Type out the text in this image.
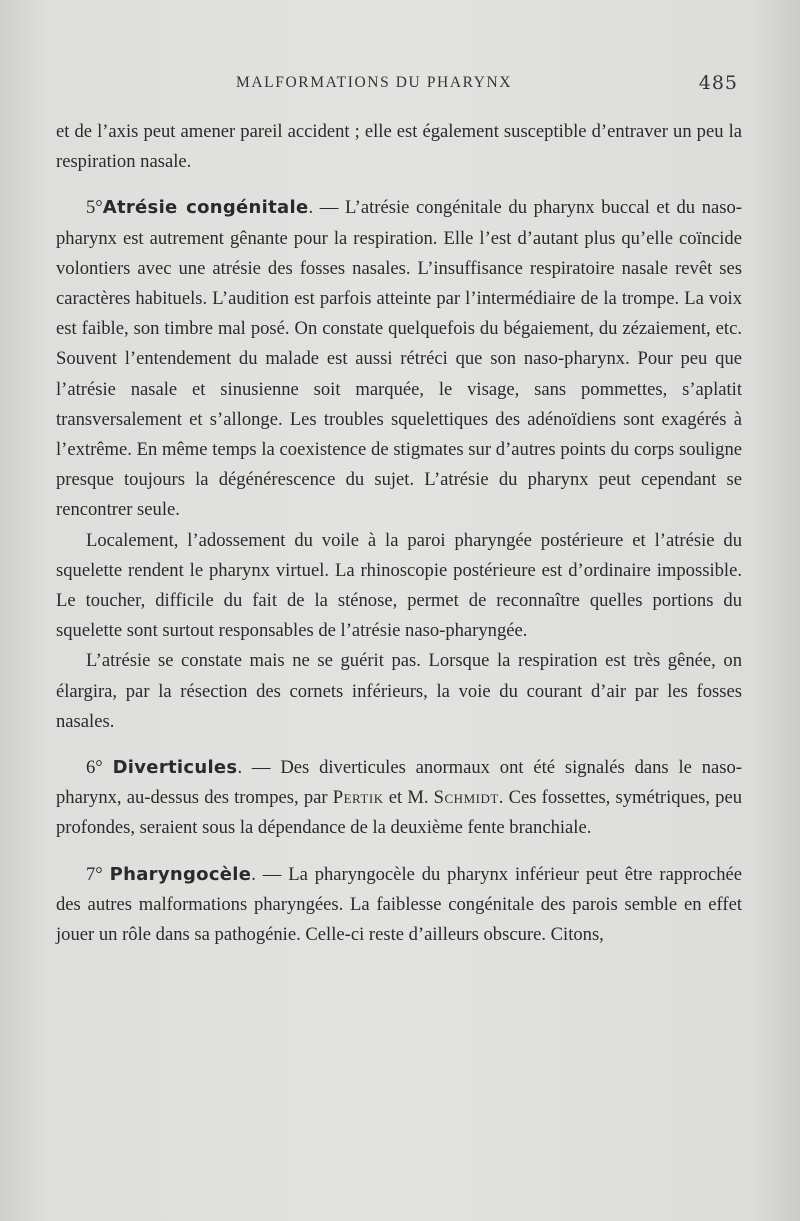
MALFORMATIONS DU PHARYNX	485

et de l’axis peut amener pareil accident ; elle est également susceptible d’entraver un peu la respiration nasale.

5°Atrésie congénitale. — L’atrésie congénitale du pharynx buccal et du naso-pharynx est autrement gênante pour la respiration. Elle l’est d’autant plus qu’elle coïncide volontiers avec une atrésie des fosses nasales. L’insuffisance respiratoire nasale revêt ses caractères habituels. L’audition est parfois atteinte par l’intermédiaire de la trompe. La voix est faible, son timbre mal posé. On constate quelquefois du bégaiement, du zézaiement, etc. Souvent l’entendement du malade est aussi rétréci que son naso-pharynx. Pour peu que l’atrésie nasale et sinusienne soit marquée, le visage, sans pommettes, s’aplatit transversalement et s’allonge. Les troubles squelettiques des adénoïdiens sont exagérés à l’extrême. En même temps la coexistence de stigmates sur d’autres points du corps souligne presque toujours la dégénérescence du sujet. L’atrésie du pharynx peut cependant se rencontrer seule.

Localement, l’adossement du voile à la paroi pharyngée postérieure et l’atrésie du squelette rendent le pharynx virtuel. La rhinoscopie postérieure est d’ordinaire impossible. Le toucher, difficile du fait de la sténose, permet de reconnaître quelles portions du squelette sont surtout responsables de l’atrésie naso-pharyngée.

L’atrésie se constate mais ne se guérit pas. Lorsque la respiration est très gênée, on élargira, par la résection des cornets inférieurs, la voie du courant d’air par les fosses nasales.

6° Diverticules. — Des diverticules anormaux ont été signalés dans le naso-pharynx, au-dessus des trompes, par Pertik et M. Schmidt. Ces fossettes, symétriques, peu profondes, seraient sous la dépendance de la deuxième fente branchiale.

7° Pharyngocèle. — La pharyngocèle du pharynx inférieur peut être rapprochée des autres malformations pharyngées. La faiblesse congénitale des parois semble en effet jouer un rôle dans sa pathogénie. Celle-ci reste d’ailleurs obscure. Citons,
